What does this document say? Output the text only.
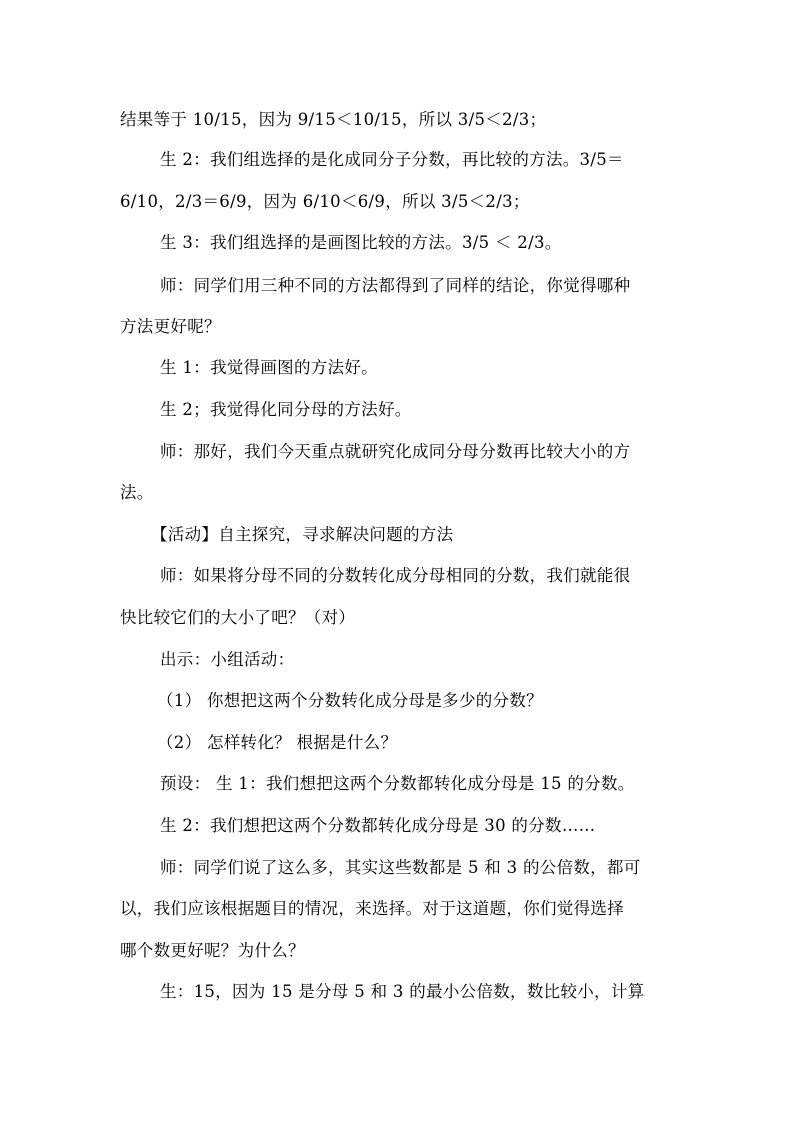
结果等于 10/15，因为 9/15＜10/15，所以 3/5＜2/3；
生 2：我们组选择的是化成同分子分数，再比较的方法。3/5＝
6/10，2/3＝6/9，因为 6/10＜6/9，所以 3/5＜2/3；
生 3：我们组选择的是画图比较的方法。3/5 ＜ 2/3。
师：同学们用三种不同的方法都得到了同样的结论，你觉得哪种
方法更好呢？
生 1：我觉得画图的方法好。
生 2；我觉得化同分母的方法好。
师：那好，我们今天重点就研究化成同分母分数再比较大小的方
法。
【活动】自主探究，寻求解决问题的方法
师：如果将分母不同的分数转化成分母相同的分数，我们就能很
快比较它们的大小了吧？（对）
出示：小组活动：
（1） 你想把这两个分数转化成分母是多少的分数？
（2） 怎样转化？ 根据是什么？
预设： 生 1：我们想把这两个分数都转化成分母是 15 的分数。
生 2：我们想把这两个分数都转化成分母是 30 的分数……
师：同学们说了这么多，其实这些数都是 5 和 3 的公倍数，都可
以，我们应该根据题目的情况，来选择。对于这道题，你们觉得选择
哪个数更好呢？为什么？
生：15，因为 15 是分母 5 和 3 的最小公倍数，数比较小，计算
